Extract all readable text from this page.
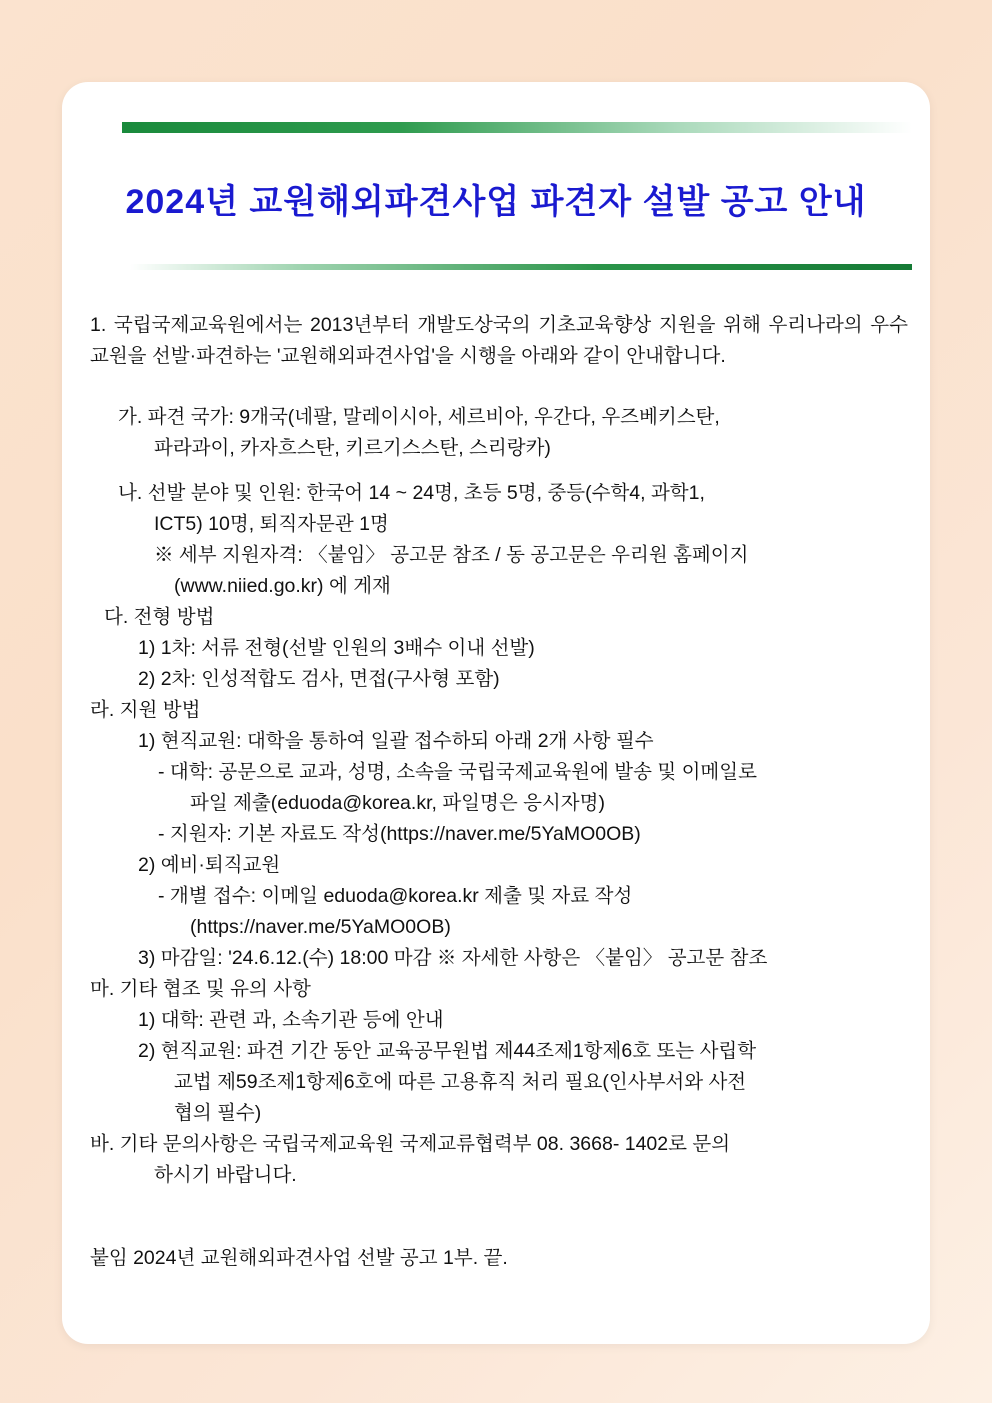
2024년 교원해외파견사업 파견자 설발 공고 안내

1. 국립국제교육원에서는 2013년부터 개발도상국의 기초교육향상 지원을 위해 우리나라의 우수교원을 선발·파견하는 '교원해외파견사업'을 시행을 아래와 같이 안내합니다.

가. 파견 국가: 9개국(네팔, 말레이시아, 세르비아, 우간다, 우즈베키스탄,
파라과이, 카자흐스탄, 키르기스스탄, 스리랑카)
나. 선발 분야 및 인원: 한국어 14 ~ 24명, 초등 5명, 중등(수학4, 과학1,
ICT5) 10명, 퇴직자문관 1명
※ 세부 지원자격: 〈붙임〉 공고문 참조 / 동 공고문은 우리원 홈페이지
(www.niied.go.kr) 에 게재
다. 전형 방법
1) 1차: 서류 전형(선발 인원의 3배수 이내 선발)
2) 2차: 인성적합도 검사, 면접(구사형 포함)
라. 지원 방법
1) 현직교원: 대학을 통하여 일괄 접수하되 아래 2개 사항 필수
- 대학: 공문으로 교과, 성명, 소속을 국립국제교육원에 발송 및 이메일로
파일 제출(eduoda@korea.kr, 파일명은 응시자명)
- 지원자: 기본 자료도 작성(https://naver.me/5YaMO0OB)
2) 예비·퇴직교원
- 개별 접수: 이메일 eduoda@korea.kr 제출 및 자료 작성
(https://naver.me/5YaMO0OB)
3) 마감일: '24.6.12.(수) 18:00 마감 ※ 자세한 사항은 〈붙임〉 공고문 참조
마. 기타 협조 및 유의 사항
1) 대학: 관련 과, 소속기관 등에 안내
2) 현직교원: 파견 기간 동안 교육공무원법 제44조제1항제6호 또는 사립학
교법 제59조제1항제6호에 따른 고용휴직 처리 필요(인사부서와 사전
협의 필수)
바. 기타 문의사항은 국립국제교육원 국제교류협력부 08. 3668- 1402로 문의
하시기 바랍니다.
붙임 2024년 교원해외파견사업 선발 공고 1부. 끝.
